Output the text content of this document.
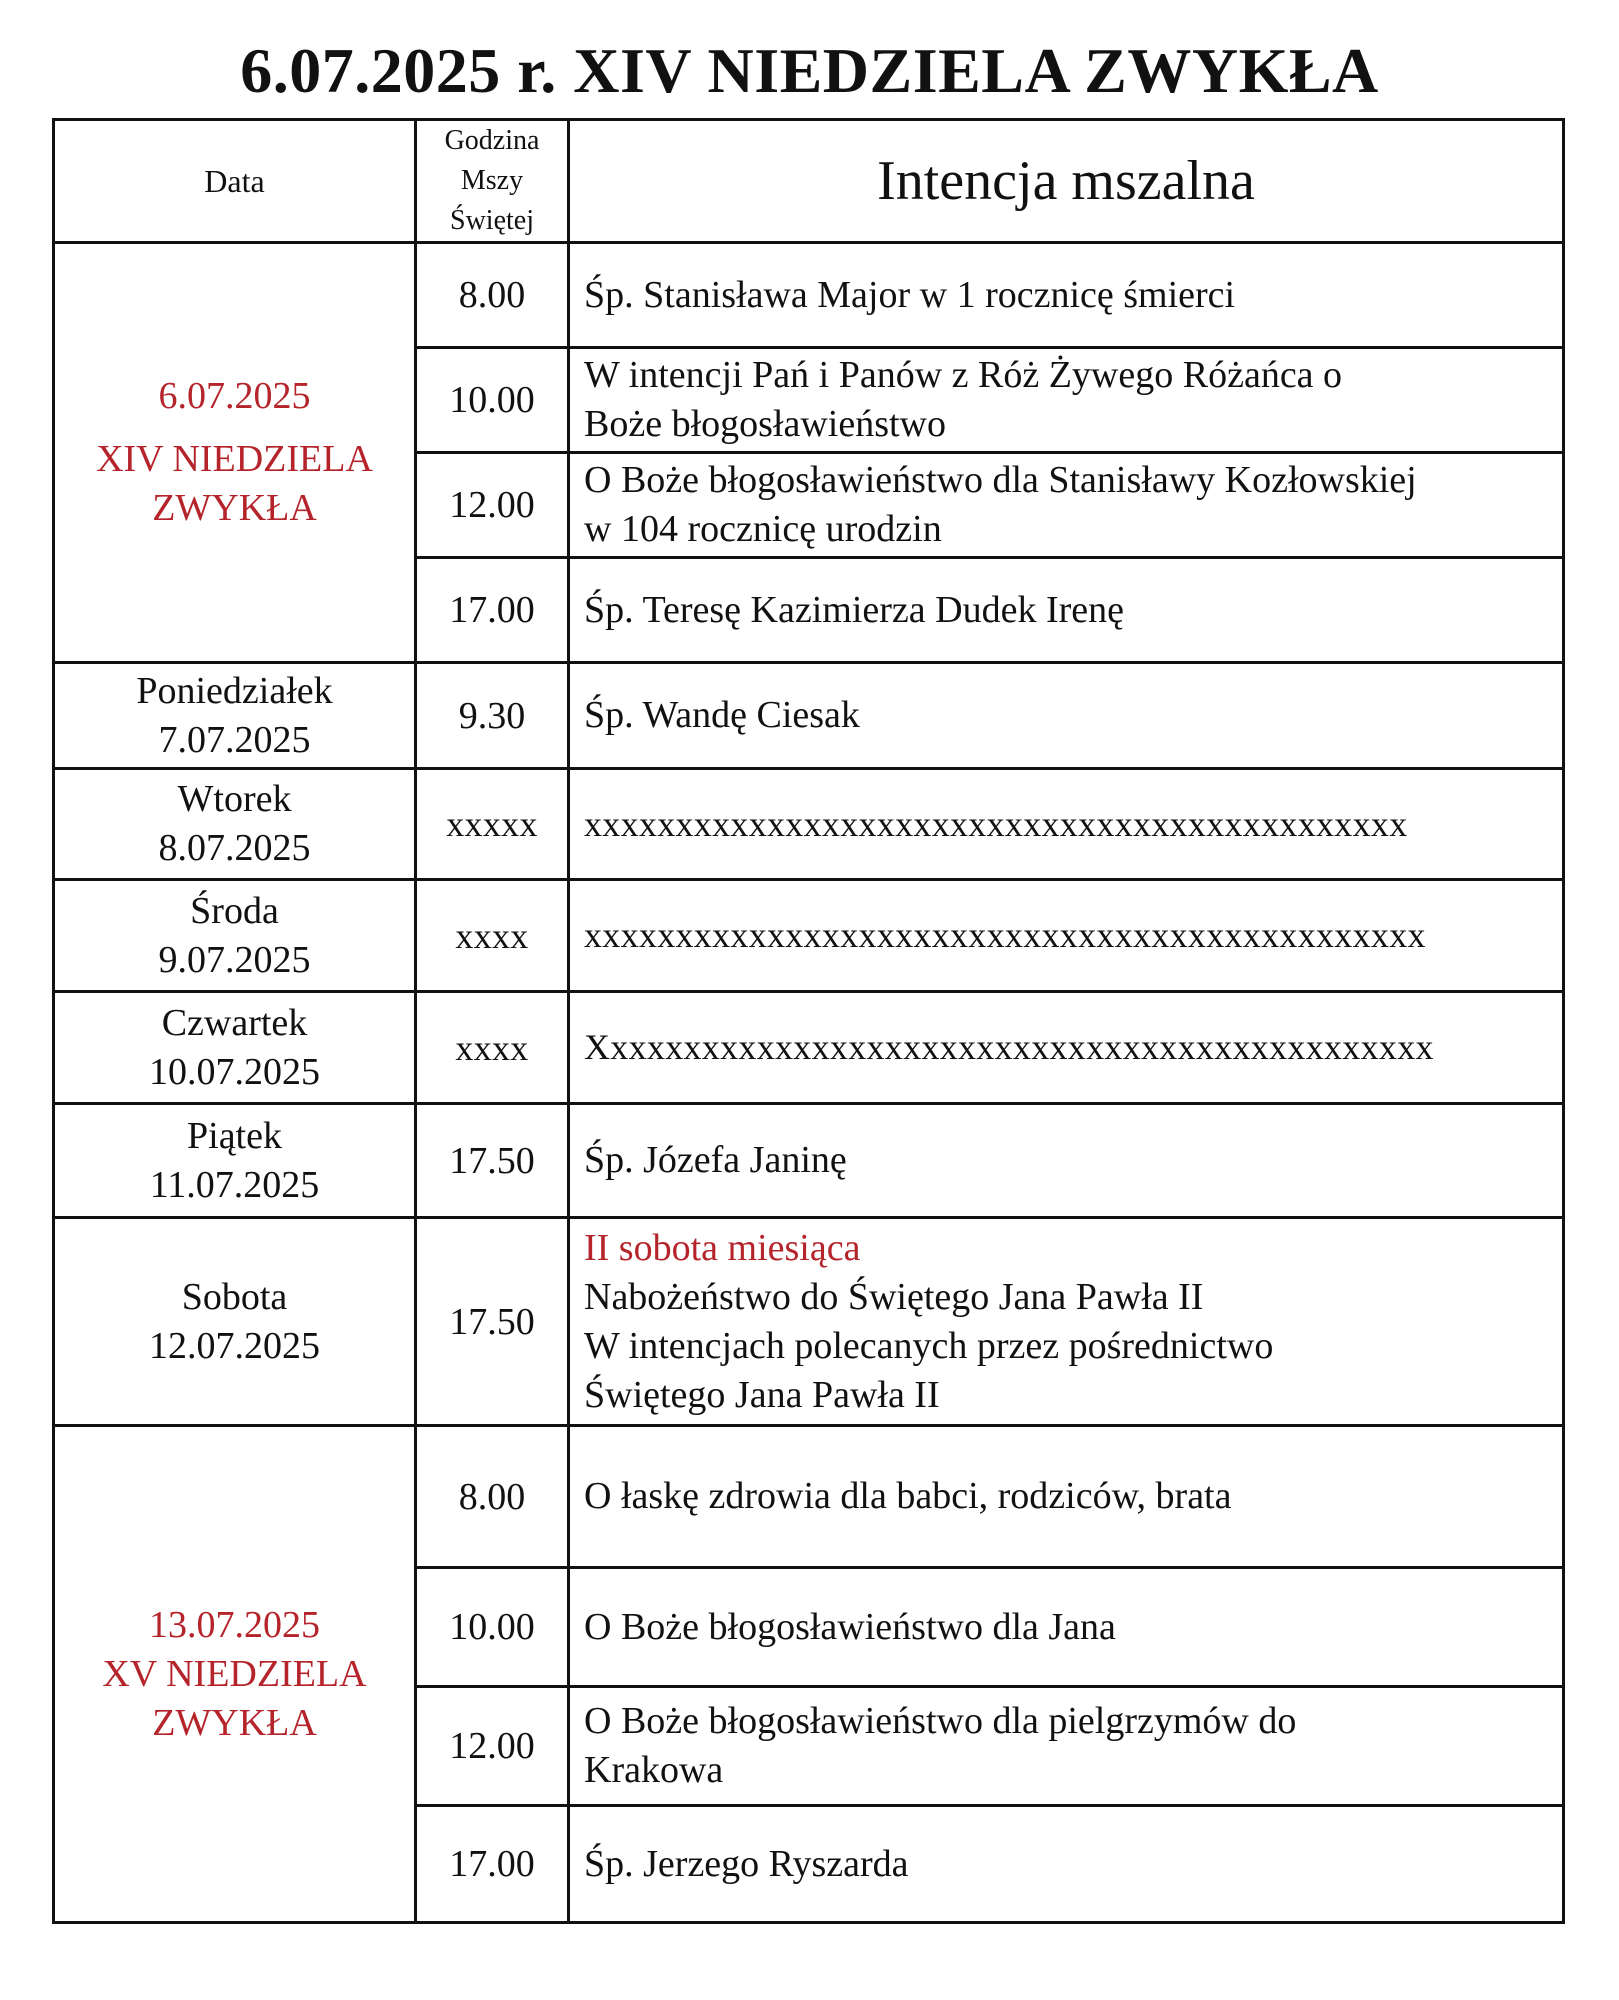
6.07.2025 r. XIV NIEDZIELA ZWYKŁA
Data	Godzina
Mszy
Świętej	Intencja mszalna
6.07.2025
XIV NIEDZIELA
ZWYKŁA	8.00	Śp. Stanisława Major w 1 rocznicę śmierci
	10.00	W intencji Pań i Panów z Róż Żywego Różańca o
Boże błogosławieństwo
	12.00	O Boże błogosławieństwo dla Stanisławy Kozłowskiej
w 104 rocznicę urodzin
	17.00	Śp. Teresę Kazimierza Dudek Irenę
Poniedziałek
7.07.2025	9.30	Śp. Wandę Ciesak
Wtorek
8.07.2025	xxxxx	xxxxxxxxxxxxxxxxxxxxxxxxxxxxxxxxxxxxxxxxxxxxx
Środa
9.07.2025	xxxx	xxxxxxxxxxxxxxxxxxxxxxxxxxxxxxxxxxxxxxxxxxxxxx
Czwartek
10.07.2025	xxxx	Xxxxxxxxxxxxxxxxxxxxxxxxxxxxxxxxxxxxxxxxxxxxxx
Piątek
11.07.2025	17.50	Śp. Józefa Janinę
Sobota
12.07.2025	17.50	II sobota miesiąca
Nabożeństwo do Świętego Jana Pawła II
W intencjach polecanych przez pośrednictwo
Świętego Jana Pawła II
13.07.2025
XV NIEDZIELA
ZWYKŁA	8.00	O łaskę zdrowia dla babci, rodziców, brata
	10.00	O Boże błogosławieństwo dla Jana
	12.00	O Boże błogosławieństwo dla pielgrzymów do
Krakowa
	17.00	Śp. Jerzego Ryszarda
